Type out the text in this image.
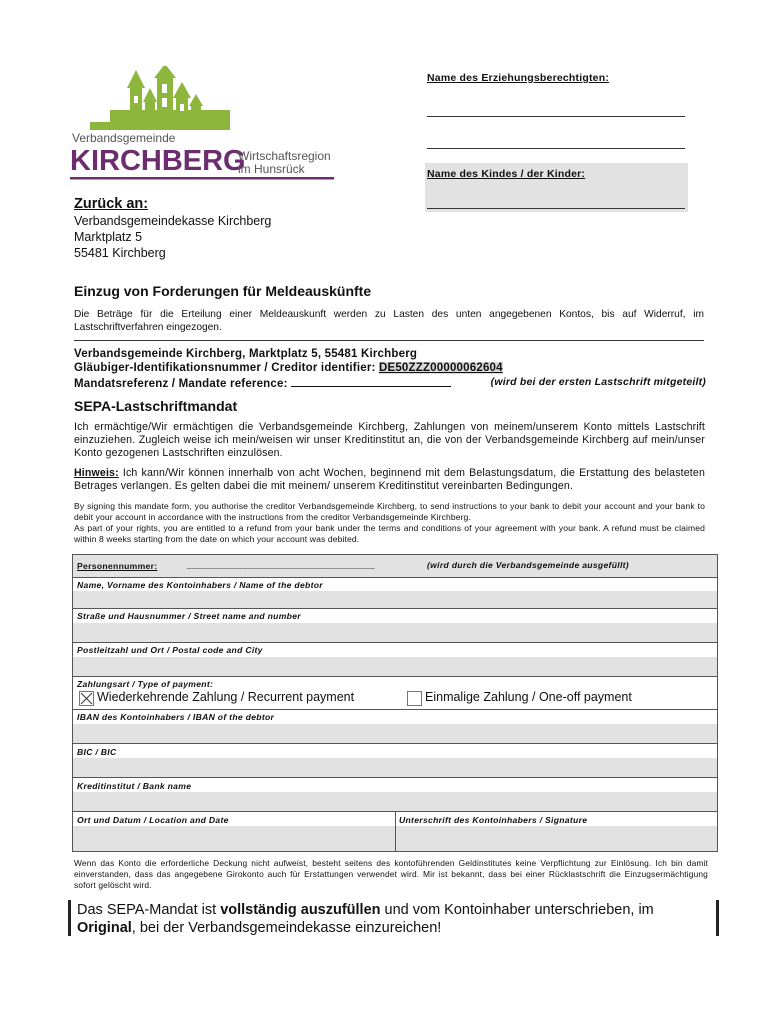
Verbandsgemeinde
KIRCHBERG
Wirtschaftsregion
im Hunsrück
Name des Erziehungsberechtigten:
Name des Kindes / der Kinder:
Zurück an:
Verbandsgemeindekasse Kirchberg
Marktplatz 5
55481 Kirchberg
Einzug von Forderungen für Meldeauskünfte
Die Beträge für die Erteilung einer Meldeauskunft werden zu Lasten des unten angegebenen Kontos, bis auf Widerruf, im Lastschriftverfahren eingezogen.
Verbandsgemeinde Kirchberg, Marktplatz 5, 55481 Kirchberg
Gläubiger-Identifikationsnummer / Creditor identifier: DE50ZZZ00000062604
Mandatsreferenz / Mandate reference:	(wird bei der ersten Lastschrift mitgeteilt)
SEPA-Lastschriftmandat
Ich ermächtige/Wir ermächtigen die Verbandsgemeinde Kirchberg, Zahlungen von meinem/unserem Konto mittels Lastschrift einzuziehen. Zugleich weise ich mein/weisen wir unser Kreditinstitut an, die von der Verbandsgemeinde Kirchberg auf mein/unser Konto gezogenen Lastschriften einzulösen.
Hinweis: Ich kann/Wir können innerhalb von acht Wochen, beginnend mit dem Belastungsdatum, die Erstattung des belasteten Betrages verlangen. Es gelten dabei die mit meinem/ unserem Kreditinstitut vereinbarten Bedingungen.
By signing this mandate form, you authorise the creditor Verbandsgemeinde Kirchberg, to send instructions to your bank to debit your account and your bank to debit your account in accordance with the instructions from the creditor Verbandsgemeinde Kirchberg.
As part of your rights, you are entitled to a refund from your bank under the terms and conditions of your agreement with your bank. A refund must be claimed within 8 weeks starting from the date on which your account was debited.
Personennummer:	_____________________________________	(wird durch die Verbandsgemeinde ausgefüllt)
Name, Vorname des Kontoinhabers / Name of the debtor
Straße und Hausnummer / Street name and number
Postleitzahl und Ort / Postal code and City
Zahlungsart / Type of payment:
Wiederkehrende Zahlung / Recurrent payment	Einmalige Zahlung / One-off payment
IBAN des Kontoinhabers / IBAN of the debtor
BIC / BIC
Kreditinstitut / Bank name
Ort und Datum / Location and Date	Unterschrift des Kontoinhabers / Signature
Wenn das Konto die erforderliche Deckung nicht aufweist, besteht seitens des kontoführenden Geldinstitutes keine Verpflichtung zur Einlösung. Ich bin damit einverstanden, dass das angegebene Girokonto auch für Erstattungen verwendet wird. Mir ist bekannt, dass bei einer Rücklastschrift die Einzugsermächtigung sofort gelöscht wird.
Das SEPA-Mandat ist vollständig auszufüllen und vom Kontoinhaber unterschrieben, im Original, bei der Verbandsgemeindekasse einzureichen!
